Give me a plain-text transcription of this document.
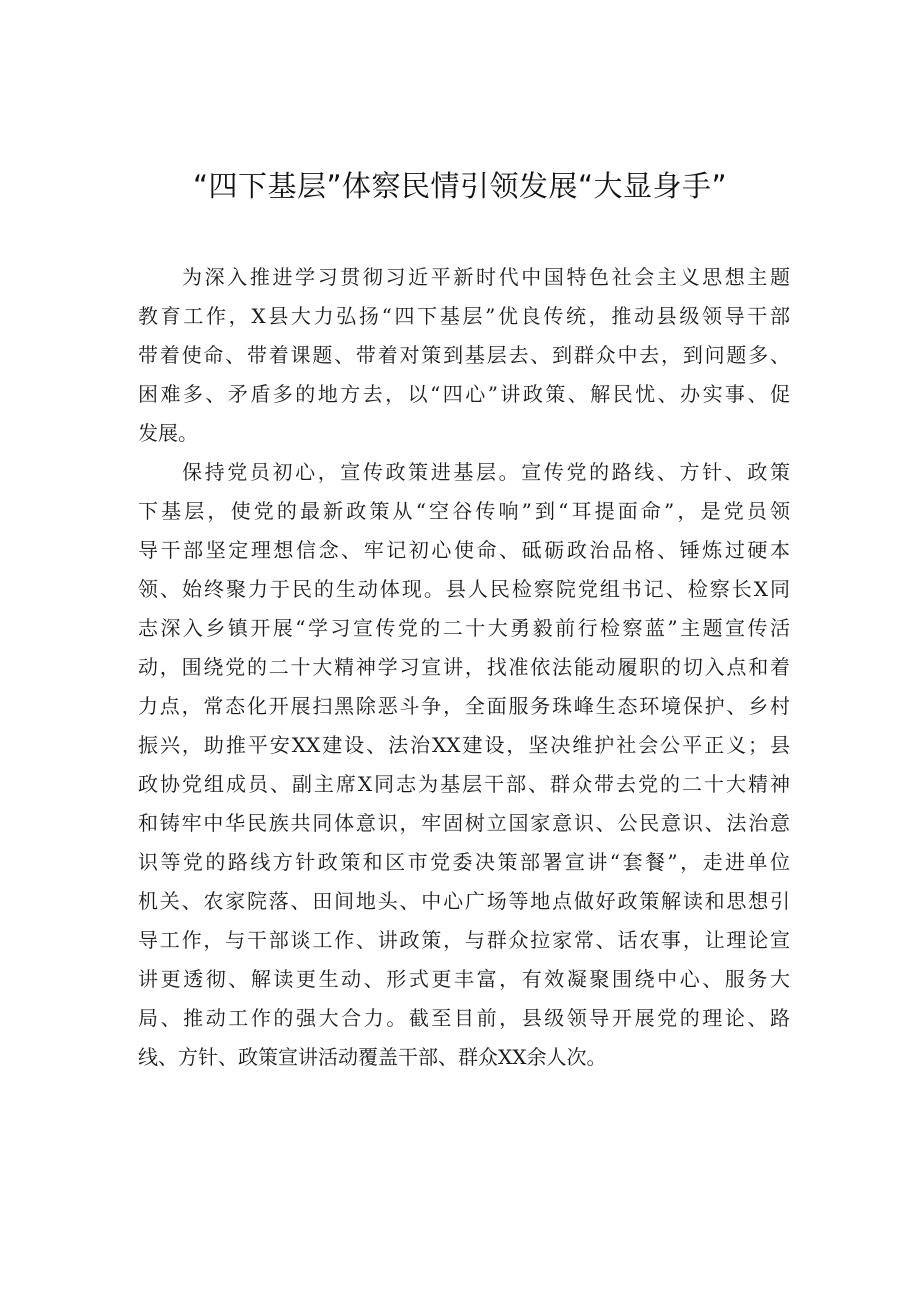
“四下基层”体察民情引领发展“大显身手”
为深入推进学习贯彻习近平新时代中国特色社会主义思想主题
教育工作，X县大力弘扬“四下基层”优良传统，推动县级领导干部
带着使命、带着课题、带着对策到基层去、到群众中去，到问题多、
困难多、矛盾多的地方去，以“四心”讲政策、解民忧、办实事、促
发展。
保持党员初心，宣传政策进基层。宣传党的路线、方针、政策
下基层，使党的最新政策从“空谷传响”到“耳提面命”，是党员领
导干部坚定理想信念、牢记初心使命、砥砺政治品格、锤炼过硬本
领、始终聚力于民的生动体现。县人民检察院党组书记、检察长X同
志深入乡镇开展“学习宣传党的二十大勇毅前行检察蓝”主题宣传活
动，围绕党的二十大精神学习宣讲，找准依法能动履职的切入点和着
力点，常态化开展扫黑除恶斗争，全面服务珠峰生态环境保护、乡村
振兴，助推平安XX建设、法治XX建设，坚决维护社会公平正义；县
政协党组成员、副主席X同志为基层干部、群众带去党的二十大精神
和铸牢中华民族共同体意识，牢固树立国家意识、公民意识、法治意
识等党的路线方针政策和区市党委决策部署宣讲“套餐”，走进单位
机关、农家院落、田间地头、中心广场等地点做好政策解读和思想引
导工作，与干部谈工作、讲政策，与群众拉家常、话农事，让理论宣
讲更透彻、解读更生动、形式更丰富，有效凝聚围绕中心、服务大
局、推动工作的强大合力。截至目前，县级领导开展党的理论、路
线、方针、政策宣讲活动覆盖干部、群众XX余人次。
